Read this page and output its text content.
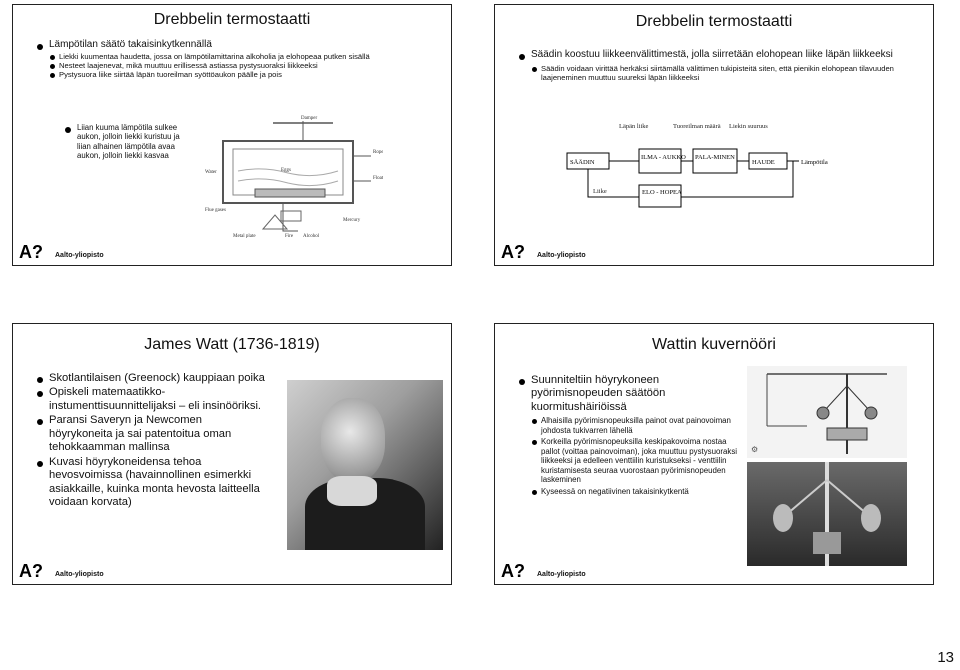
Drebbelin termostaatti
Lämpötilan säätö takaisinkytkennällä
Liekki kuumentaa haudetta, jossa on lämpötilamittarina alkoholia ja elohopeaa putken sisällä
Nesteet laajenevat, mikä muuttuu erillisessä astiassa pystysuoraksi liikkeeksi
Pystysuora liike siirtää läpän tuoreilman syöttöaukon päälle ja pois
Liian kuuma lämpötila sulkee aukon, jolloin liekki kuristuu ja liian alhainen lämpötila avaa aukon, jolloin liekki kasvaa
Damper
Water	Eggs
Rope
Float
Flue gases
Metal plate	Fire Alcohol
Mercury
A? Aalto-yliopisto
Drebbelin termostaatti
Säädin koostuu liikkeenvälittimestä, jolla siirretään elohopean liike läpän liikkeeksi
Säädin voidaan virittää herkäksi siirtämällä välittimen tukipisteitä siten, että pienikin elohopean tilavuuden laajeneminen muuttuu suureksi läpän liikkeeksi
Läpän liike	Tuoreilman määrä Liekin suuruus
SÄÄDIN
ILMA - AUKKO PALA-MINEN
HAUDE	Lämpötila
ELO - HOPEA
Liike
A? Aalto-yliopisto
James Watt (1736-1819)
Skotlantilaisen (Greenock) kauppiaan poika
Opiskeli matemaatikko-instumenttisuunnittelijaksi – eli insinööriksi.
Paransi Saveryn ja Newcomen höyrykoneita ja sai patentoitua oman tehokkaamman mallinsa
Kuvasi höyrykoneidensa tehoa hevosvoimissa (havainnollinen esimerkki asiakkaille, kuinka monta hevosta laitteella voidaan korvata)
A? Aalto-yliopisto
Wattin kuvernööri
Suunniteltiin höyrykoneen pyörimisnopeuden säätöön kuormitushäiriöissä
Alhaisilla pyörimisnopeuksilla painot ovat painovoiman johdosta tukivarren lähellä
Korkeilla pyörimisnopeuksilla keskipakovoima nostaa pallot (voittaa painovoiman), joka muuttuu pystysuoraksi liikkeeksi ja edelleen venttiilin kuristukseksi - venttiilin kuristamisesta seuraa vuorostaan pyörimisnopeuden laskeminen
Kyseessä on negatiivinen takaisinkytkentä
⚙
A? Aalto-yliopisto
13
